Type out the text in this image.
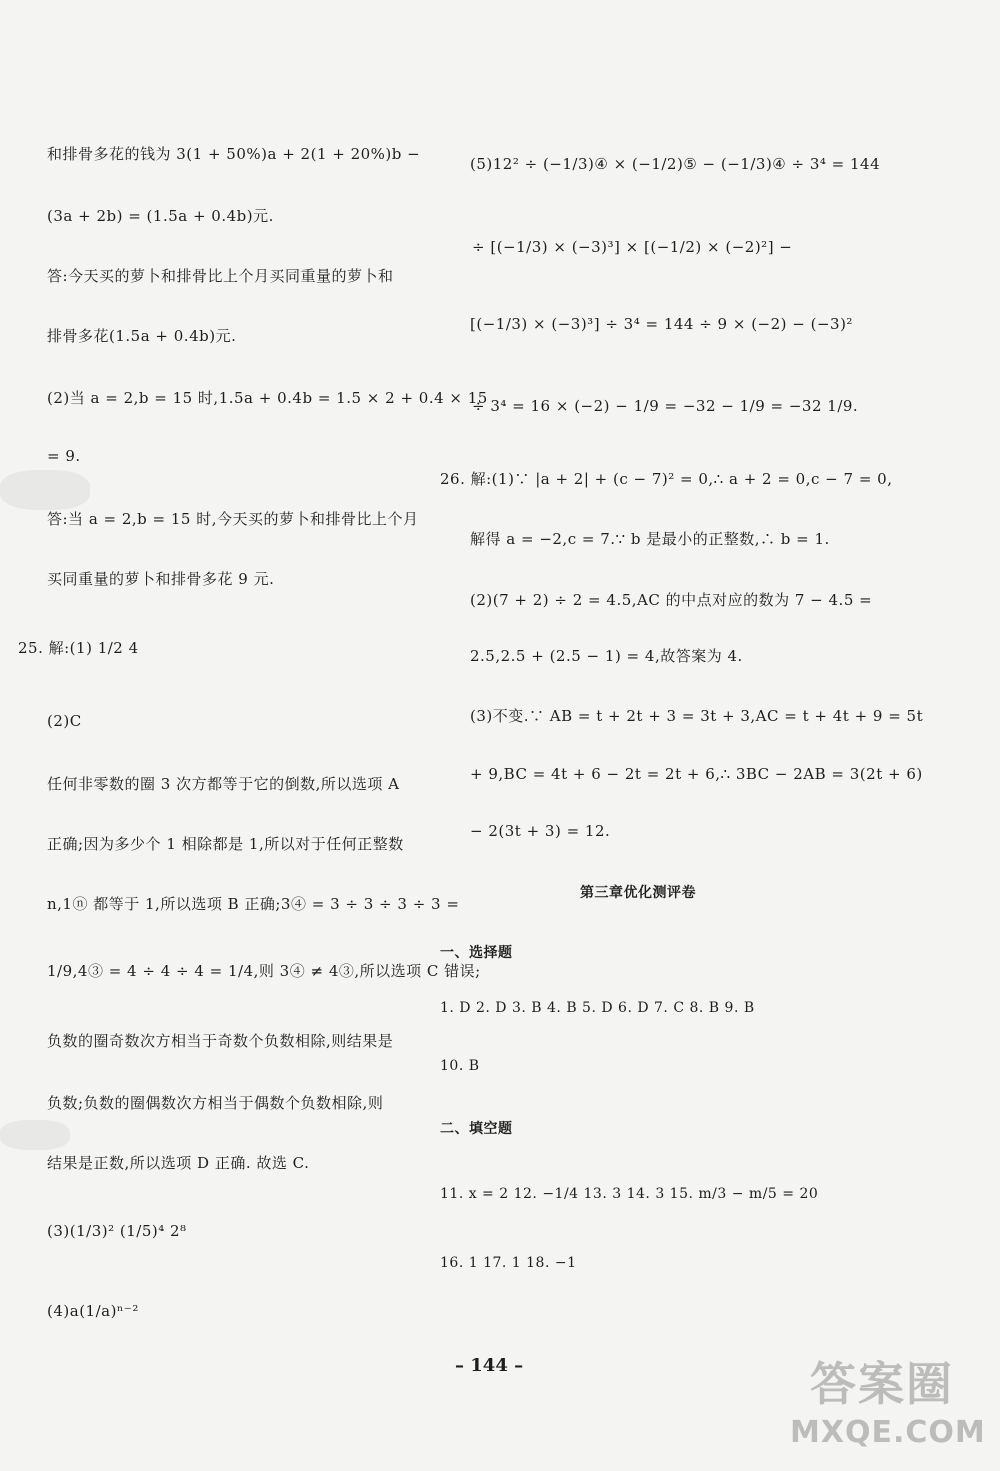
和排骨多花的钱为 3(1 + 50%)a + 2(1 + 20%)b −
(3a + 2b) = (1.5a + 0.4b)元.
答:今天买的萝卜和排骨比上个月买同重量的萝卜和
排骨多花(1.5a + 0.4b)元.
(2)当 a = 2,b = 15 时,1.5a + 0.4b = 1.5 × 2 + 0.4 × 15
= 9.
答:当 a = 2,b = 15 时,今天买的萝卜和排骨比上个月
买同重量的萝卜和排骨多花 9 元.
25. 解:(1) 1/2 4
(2)C
任何非零数的圈 3 次方都等于它的倒数,所以选项 A
正确;因为多少个 1 相除都是 1,所以对于任何正整数
n,1ⓝ 都等于 1,所以选项 B 正确;3④ = 3 ÷ 3 ÷ 3 ÷ 3 =
1/9,4③ = 4 ÷ 4 ÷ 4 = 1/4,则 3④ ≠ 4③,所以选项 C 错误;
负数的圈奇数次方相当于奇数个负数相除,则结果是
负数;负数的圈偶数次方相当于偶数个负数相除,则
结果是正数,所以选项 D 正确. 故选 C.
(3)(1/3)² (1/5)⁴ 2⁸
(4)a(1/a)ⁿ⁻²
(5)12² ÷ (−1/3)④ × (−1/2)⑤ − (−1/3)④ ÷ 3⁴ = 144
÷ [(−1/3) × (−3)³] × [(−1/2) × (−2)²] −
[(−1/3) × (−3)³] ÷ 3⁴ = 144 ÷ 9 × (−2) − (−3)²
÷ 3⁴ = 16 × (−2) − 1/9 = −32 − 1/9 = −32 1/9.
26. 解:(1)∵ |a + 2| + (c − 7)² = 0,∴ a + 2 = 0,c − 7 = 0,
解得 a = −2,c = 7.∵ b 是最小的正整数,∴ b = 1.
(2)(7 + 2) ÷ 2 = 4.5,AC 的中点对应的数为 7 − 4.5 =
2.5,2.5 + (2.5 − 1) = 4,故答案为 4.
(3)不变.∵ AB = t + 2t + 3 = 3t + 3,AC = t + 4t + 9 = 5t
+ 9,BC = 4t + 6 − 2t = 2t + 6,∴ 3BC − 2AB = 3(2t + 6)
− 2(3t + 3) = 12.
第三章优化测评卷
一、选择题
1. D 2. D 3. B 4. B 5. D 6. D 7. C 8. B 9. B
10. B
二、填空题
11. x = 2 12. −1/4 13. 3 14. 3 15. m/3 − m/5 = 20
16. 1 17. 1 18. −1
– 144 –	答案圈
MXQE.COM
